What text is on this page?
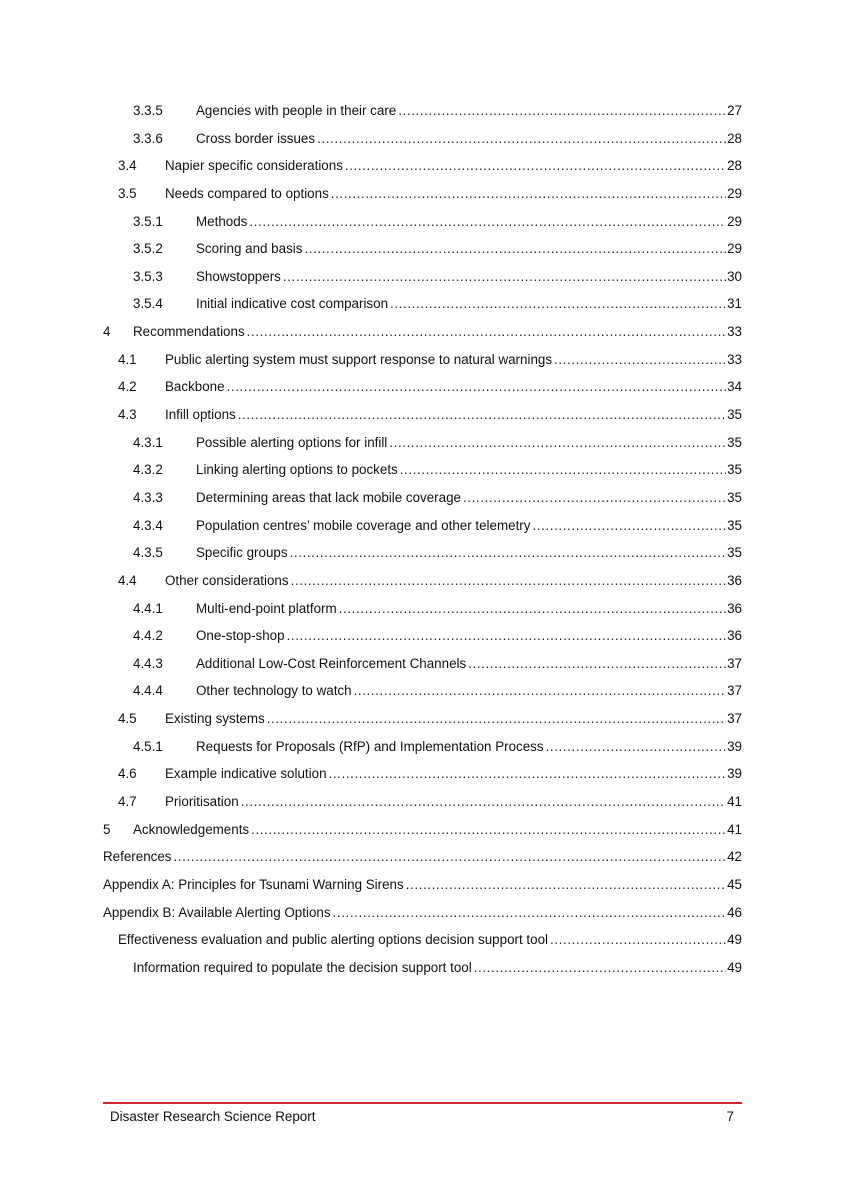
3.3.5	Agencies with people in their care .....	27
3.3.6	Cross border issues .....	28
3.4	Napier specific considerations .....	28
3.5	Needs compared to options .....	29
3.5.1	Methods .....	29
3.5.2	Scoring and basis .....	29
3.5.3	Showstoppers .....	30
3.5.4	Initial indicative cost comparison .....	31
4	Recommendations .....	33
4.1	Public alerting system must support response to natural warnings .....	33
4.2	Backbone .....	34
4.3	Infill options .....	35
4.3.1	Possible alerting options for infill .....	35
4.3.2	Linking alerting options to pockets .....	35
4.3.3	Determining areas that lack mobile coverage .....	35
4.3.4	Population centres’ mobile coverage and other telemetry .....	35
4.3.5	Specific groups .....	35
4.4	Other considerations .....	36
4.4.1	Multi-end-point platform .....	36
4.4.2	One-stop-shop .....	36
4.4.3	Additional Low-Cost Reinforcement Channels .....	37
4.4.4	Other technology to watch .....	37
4.5	Existing systems .....	37
4.5.1	Requests for Proposals (RfP) and Implementation Process .....	39
4.6	Example indicative solution .....	39
4.7	Prioritisation .....	41
5	Acknowledgements .....	41
References .....	42
Appendix A: Principles for Tsunami Warning Sirens .....	45
Appendix B: Available Alerting Options .....	46
Effectiveness evaluation and public alerting options decision support tool .....	49
Information required to populate the decision support tool .....	49
Disaster Research Science Report	7
